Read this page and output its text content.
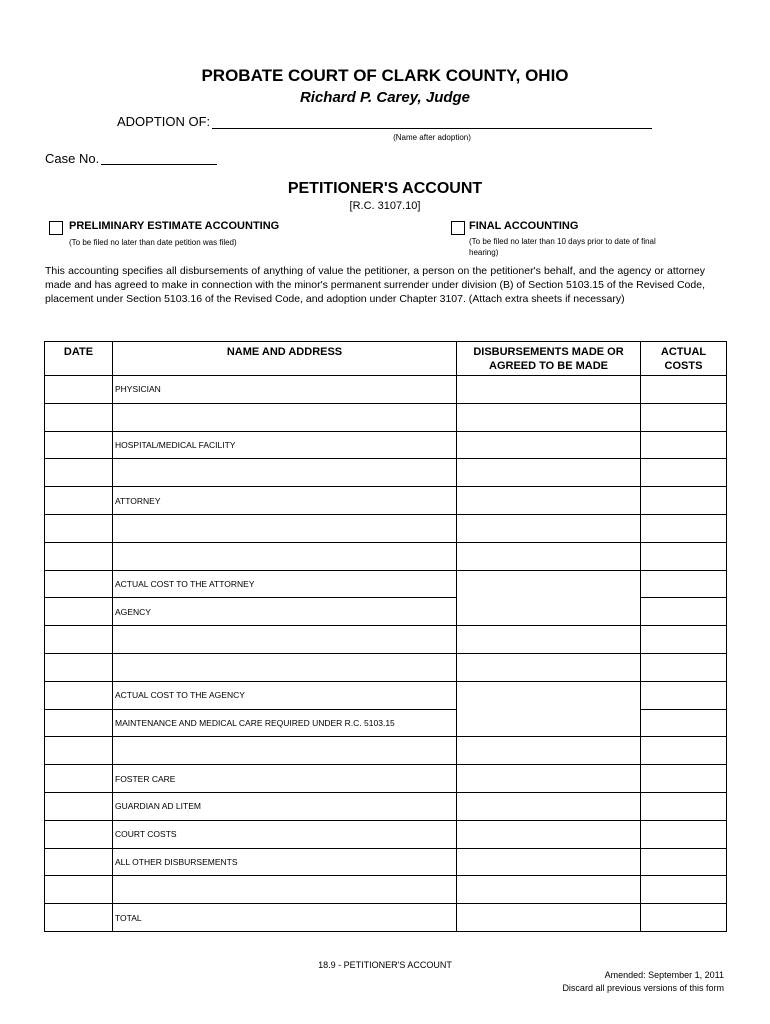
PROBATE COURT OF CLARK COUNTY, OHIO
Richard P. Carey, Judge
ADOPTION OF:
(Name after adoption)
Case No.
PETITIONER'S ACCOUNT
[R.C. 3107.10]
PRELIMINARY ESTIMATE ACCOUNTING
(To be filed no later than date petition was filed)
FINAL ACCOUNTING
(To be filed no later than 10 days prior to date of final hearing)
This accounting specifies all disbursements of anything of value the petitioner, a person on the petitioner's behalf, and the agency or attorney made and has agreed to make in connection with the minor's permanent surrender under division (B) of Section 5103.15 of the Revised Code, placement under Section 5103.16 of the Revised Code, and adoption under Chapter 3107. (Attach extra sheets if necessary)
DATE	NAME AND ADDRESS	DISBURSEMENTS MADE OR AGREED TO BE MADE	ACTUAL COSTS
	PHYSICIAN		

	HOSPITAL/MEDICAL FACILITY		

	ATTORNEY		

	ACTUAL COST TO THE ATTORNEY		
	AGENCY		

	ACTUAL COST TO THE AGENCY		
	MAINTENANCE AND MEDICAL CARE REQUIRED UNDER R.C. 5103.15		

	FOSTER CARE		
	GUARDIAN AD LITEM		
	COURT COSTS		
	ALL OTHER DISBURSEMENTS		

	TOTAL		
18.9 - PETITIONER'S ACCOUNT
Amended: September 1, 2011
Discard all previous versions of this form
